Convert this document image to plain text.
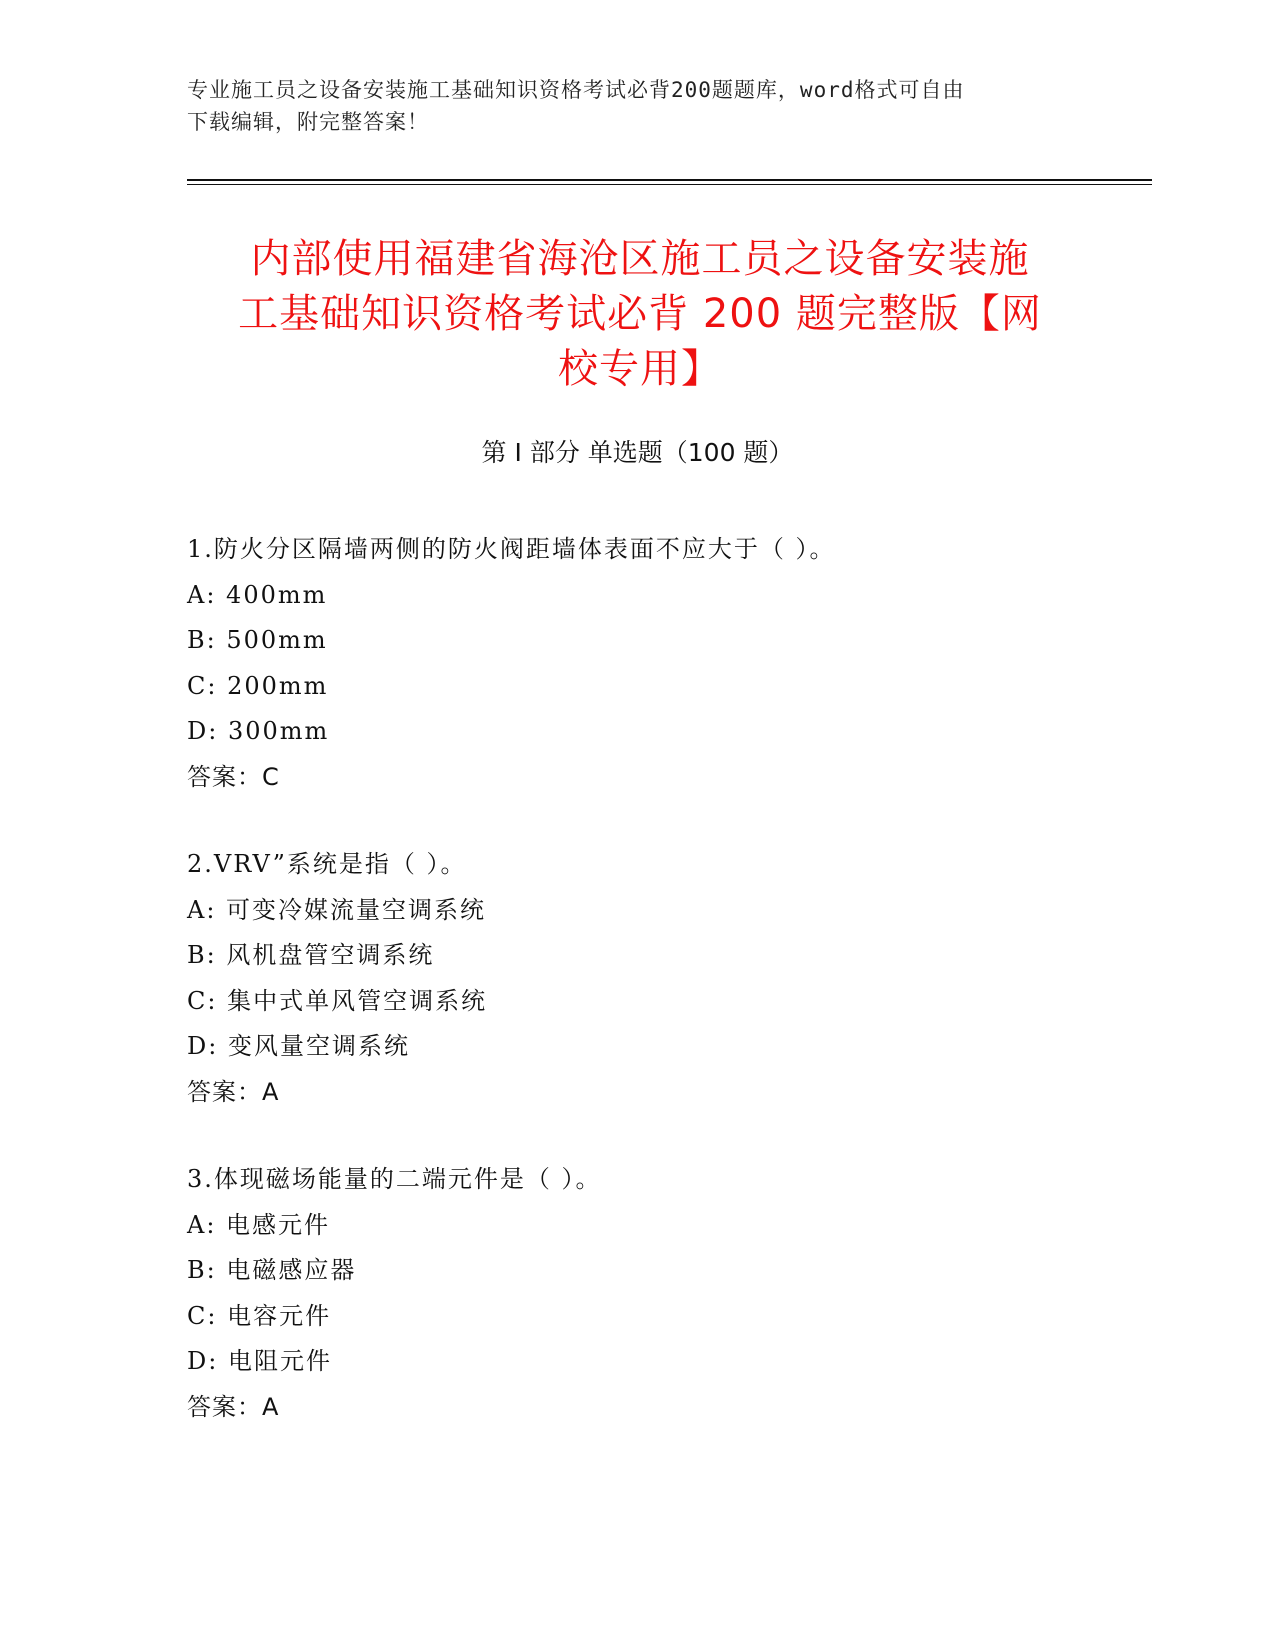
专业施工员之设备安装施工基础知识资格考试必背200题题库，word格式可自由
下载编辑，附完整答案！
内部使用福建省海沧区施工员之设备安装施
工基础知识资格考试必背 200 题完整版【网
校专用】
第 I 部分 单选题（100 题）
1.防火分区隔墙两侧的防火阀距墙体表面不应大于（ ）。
A: 400mm
B: 500mm
C: 200mm
D: 300mm
答案：C
2.VRV”系统是指（ ）。
A: 可变冷媒流量空调系统
B: 风机盘管空调系统
C: 集中式单风管空调系统
D: 变风量空调系统
答案：A
3.体现磁场能量的二端元件是（ ）。
A: 电感元件
B: 电磁感应器
C: 电容元件
D: 电阻元件
答案：A
